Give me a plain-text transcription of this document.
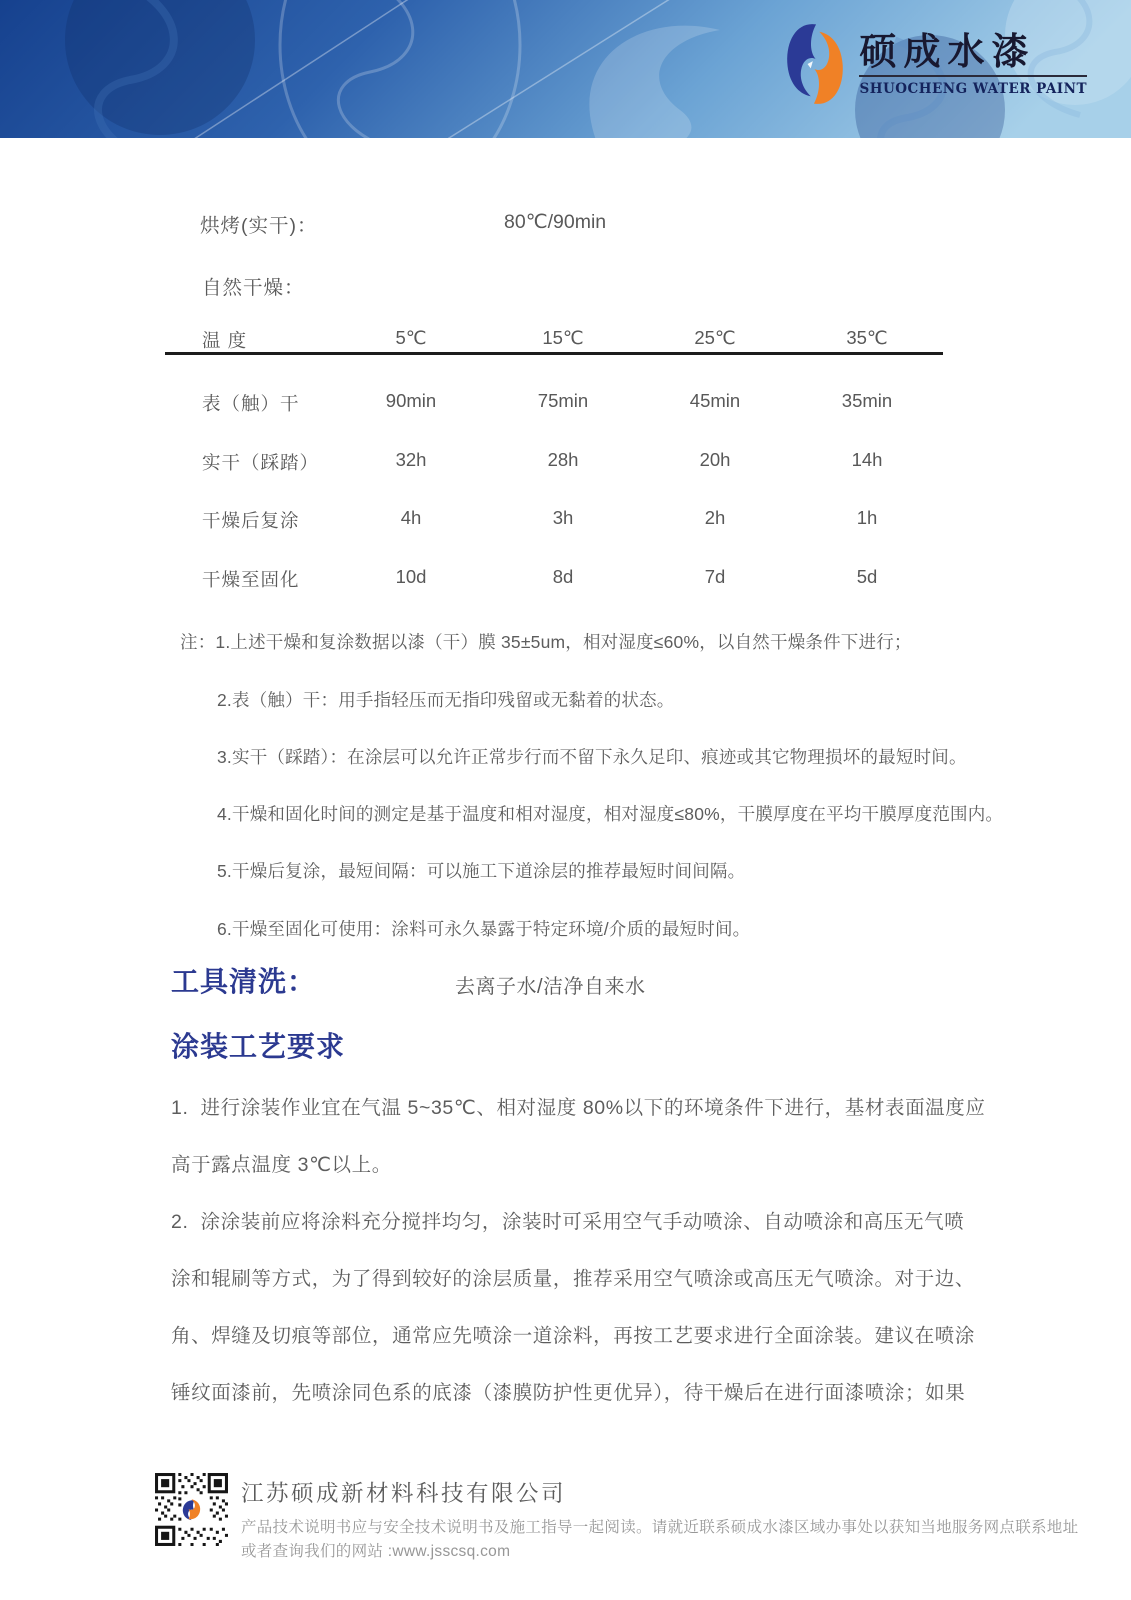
硕成水漆
SHUOCHENG WATER PAINT
烘烤(实干)：	80℃/90min
自然干燥：
温 度	5℃	15℃	25℃	35℃
表（触）干	90min	75min	45min	35min
实干（踩踏）	32h	28h	20h	14h
干燥后复涂	4h	3h	2h	1h
干燥至固化	10d	8d	7d	5d
注：1.上述干燥和复涂数据以漆（干）膜 35±5um，相对湿度≤60%，以自然干燥条件下进行；
2.表（触）干：用手指轻压而无指印残留或无黏着的状态。
3.实干（踩踏）：在涂层可以允许正常步行而不留下永久足印、痕迹或其它物理损坏的最短时间。
4.干燥和固化时间的测定是基于温度和相对湿度，相对湿度≤80%，干膜厚度在平均干膜厚度范围内。
5.干燥后复涂，最短间隔：可以施工下道涂层的推荐最短时间间隔。
6.干燥至固化可使用：涂料可永久暴露于特定环境/介质的最短时间。
工具清洗：	去离子水/洁净自来水
涂装工艺要求
1.  进行涂装作业宜在气温 5~35℃、相对湿度 80%以下的环境条件下进行，基材表面温度应
高于露点温度 3℃以上。
2.  涂涂装前应将涂料充分搅拌均匀，涂装时可采用空气手动喷涂、自动喷涂和高压无气喷
涂和辊刷等方式，为了得到较好的涂层质量，推荐采用空气喷涂或高压无气喷涂。对于边、
角、焊缝及切痕等部位，通常应先喷涂一道涂料，再按工艺要求进行全面涂装。建议在喷涂
锤纹面漆前，先喷涂同色系的底漆（漆膜防护性更优异），待干燥后在进行面漆喷涂；如果
江苏硕成新材料科技有限公司
产品技术说明书应与安全技术说明书及施工指导一起阅读。请就近联系硕成水漆区域办事处以获知当地服务网点联系地址
或者查询我们的网站 :www.jsscsq.com
